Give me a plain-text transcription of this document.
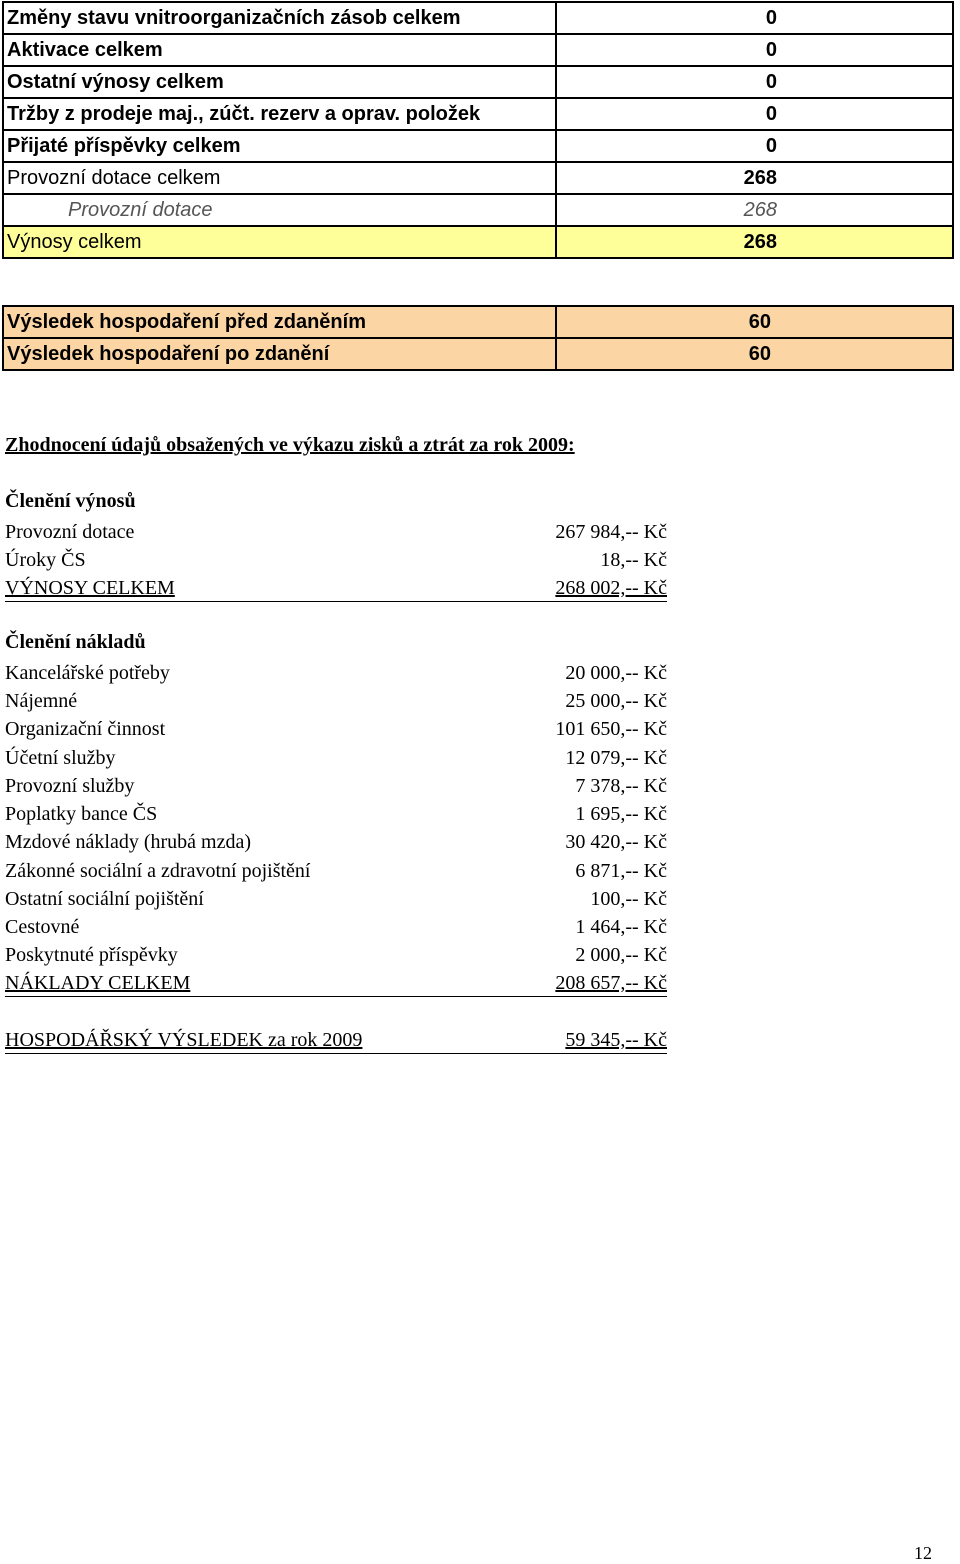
Změny stavu vnitroorganizačních zásob celkem	0
Aktivace celkem	0
Ostatní výnosy celkem	0
Tržby z prodeje maj., zúčt. rezerv a oprav. položek	0
Přijaté příspěvky celkem	0
Provozní dotace celkem	268
Provozní dotace	268
Výnosy celkem	268
Výsledek hospodaření před zdaněním	60
Výsledek hospodaření po zdanění	60
Zhodnocení údajů obsažených ve výkazu zisků a ztrát za rok 2009:
Členění výnosů
Provozní dotace	267 984,-- Kč
Úroky ČS	18,-- Kč
VÝNOSY CELKEM	268 002,-- Kč
Členění nákladů
Kancelářské potřeby	20 000,-- Kč
Nájemné	25 000,-- Kč
Organizační činnost	101 650,-- Kč
Účetní služby	12 079,-- Kč
Provozní služby	7 378,-- Kč
Poplatky bance ČS	1 695,-- Kč
Mzdové náklady (hrubá mzda)	30 420,-- Kč
Zákonné sociální a zdravotní pojištění	6 871,-- Kč
Ostatní sociální pojištění	100,-- Kč
Cestovné	1 464,-- Kč
Poskytnuté příspěvky	2 000,-- Kč
NÁKLADY CELKEM	208 657,-- Kč
HOSPODÁŘSKÝ VÝSLEDEK za rok 2009	59 345,-- Kč
12
